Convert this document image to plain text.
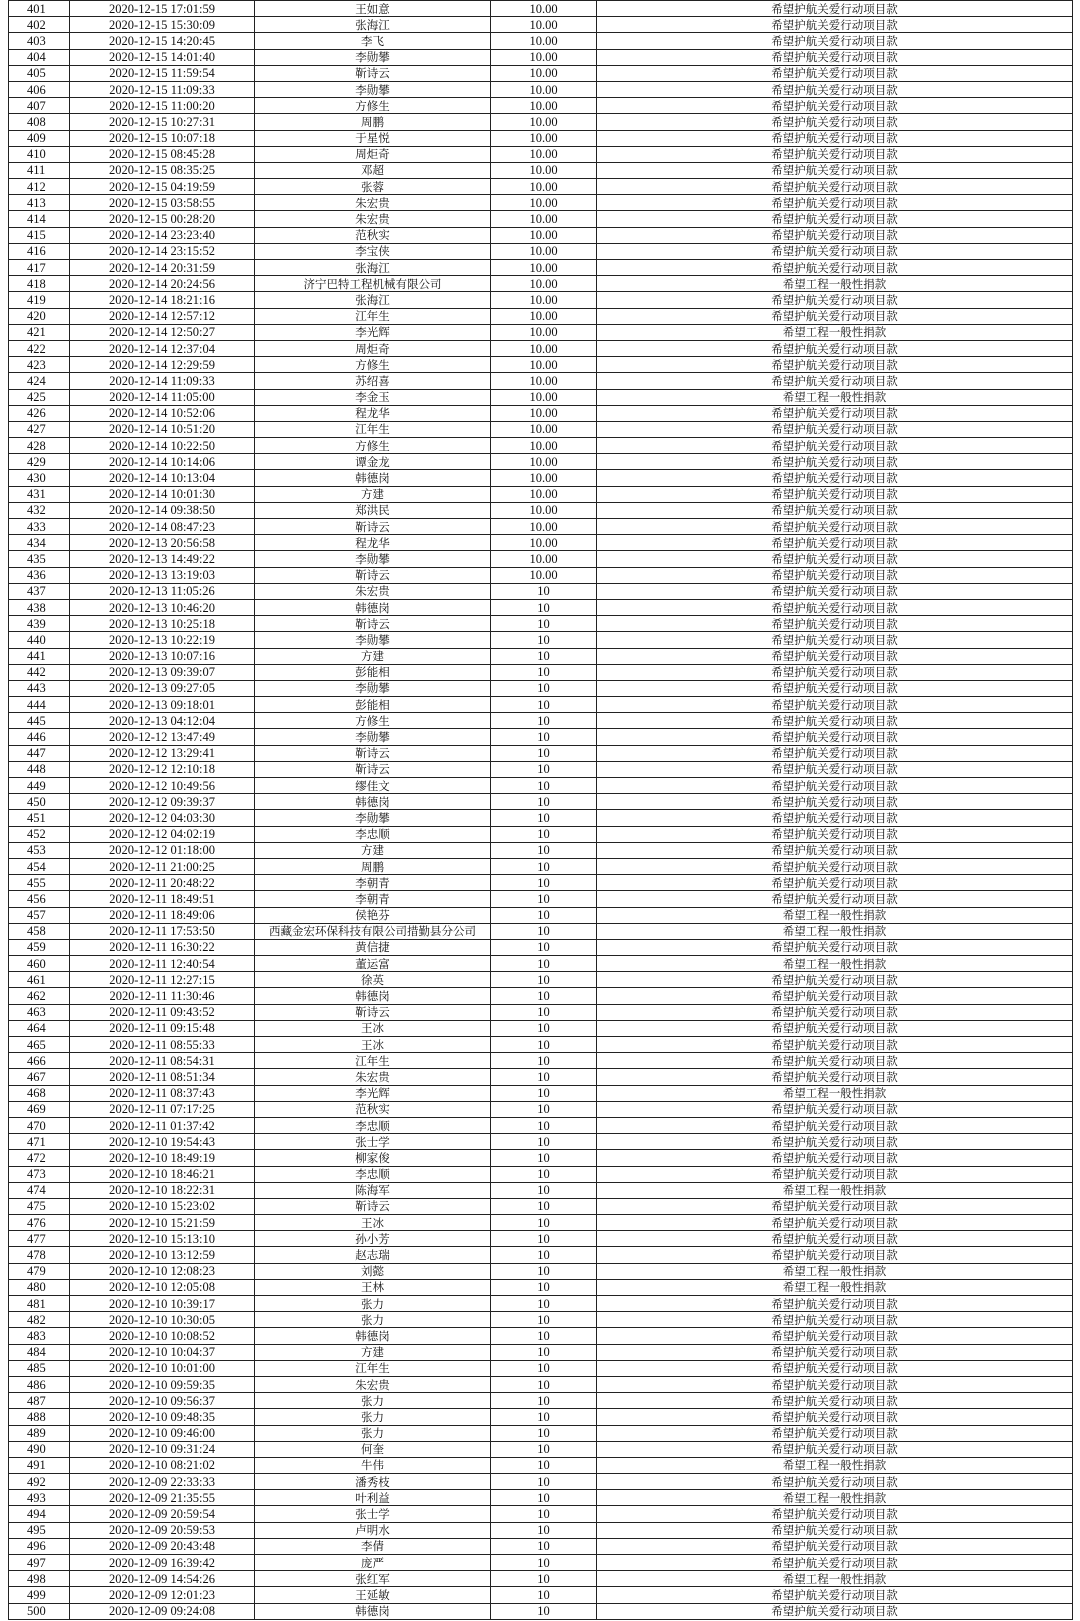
401	2020-12-15 17:01:59	王如意	10.00	希望护航关爱行动项目款
402	2020-12-15 15:30:09	张海江	10.00	希望护航关爱行动项目款
403	2020-12-15 14:20:45	李飞	10.00	希望护航关爱行动项目款
404	2020-12-15 14:01:40	李勋攀	10.00	希望护航关爱行动项目款
405	2020-12-15 11:59:54	靳诗云	10.00	希望护航关爱行动项目款
406	2020-12-15 11:09:33	李勋攀	10.00	希望护航关爱行动项目款
407	2020-12-15 11:00:20	方修生	10.00	希望护航关爱行动项目款
408	2020-12-15 10:27:31	周鹏	10.00	希望护航关爱行动项目款
409	2020-12-15 10:07:18	于星悦	10.00	希望护航关爱行动项目款
410	2020-12-15 08:45:28	周炬奇	10.00	希望护航关爱行动项目款
411	2020-12-15 08:35:25	邓超	10.00	希望护航关爱行动项目款
412	2020-12-15 04:19:59	张蓉	10.00	希望护航关爱行动项目款
413	2020-12-15 03:58:55	朱宏贵	10.00	希望护航关爱行动项目款
414	2020-12-15 00:28:20	朱宏贵	10.00	希望护航关爱行动项目款
415	2020-12-14 23:23:40	范秋实	10.00	希望护航关爱行动项目款
416	2020-12-14 23:15:52	李宝侠	10.00	希望护航关爱行动项目款
417	2020-12-14 20:31:59	张海江	10.00	希望护航关爱行动项目款
418	2020-12-14 20:24:56	济宁巴特工程机械有限公司	10.00	希望工程一般性捐款
419	2020-12-14 18:21:16	张海江	10.00	希望护航关爱行动项目款
420	2020-12-14 12:57:12	江年生	10.00	希望护航关爱行动项目款
421	2020-12-14 12:50:27	李光辉	10.00	希望工程一般性捐款
422	2020-12-14 12:37:04	周炬奇	10.00	希望护航关爱行动项目款
423	2020-12-14 12:29:59	方修生	10.00	希望护航关爱行动项目款
424	2020-12-14 11:09:33	苏绍喜	10.00	希望护航关爱行动项目款
425	2020-12-14 11:05:00	李金玉	10.00	希望工程一般性捐款
426	2020-12-14 10:52:06	程龙华	10.00	希望护航关爱行动项目款
427	2020-12-14 10:51:20	江年生	10.00	希望护航关爱行动项目款
428	2020-12-14 10:22:50	方修生	10.00	希望护航关爱行动项目款
429	2020-12-14 10:14:06	谭金龙	10.00	希望护航关爱行动项目款
430	2020-12-14 10:13:04	韩德岗	10.00	希望护航关爱行动项目款
431	2020-12-14 10:01:30	方建	10.00	希望护航关爱行动项目款
432	2020-12-14 09:38:50	郑洪民	10.00	希望护航关爱行动项目款
433	2020-12-14 08:47:23	靳诗云	10.00	希望护航关爱行动项目款
434	2020-12-13 20:56:58	程龙华	10.00	希望护航关爱行动项目款
435	2020-12-13 14:49:22	李勋攀	10.00	希望护航关爱行动项目款
436	2020-12-13 13:19:03	靳诗云	10.00	希望护航关爱行动项目款
437	2020-12-13 11:05:26	朱宏贵	10	希望护航关爱行动项目款
438	2020-12-13 10:46:20	韩德岗	10	希望护航关爱行动项目款
439	2020-12-13 10:25:18	靳诗云	10	希望护航关爱行动项目款
440	2020-12-13 10:22:19	李勋攀	10	希望护航关爱行动项目款
441	2020-12-13 10:07:16	方建	10	希望护航关爱行动项目款
442	2020-12-13 09:39:07	彭能相	10	希望护航关爱行动项目款
443	2020-12-13 09:27:05	李勋攀	10	希望护航关爱行动项目款
444	2020-12-13 09:18:01	彭能相	10	希望护航关爱行动项目款
445	2020-12-13 04:12:04	方修生	10	希望护航关爱行动项目款
446	2020-12-12 13:47:49	李勋攀	10	希望护航关爱行动项目款
447	2020-12-12 13:29:41	靳诗云	10	希望护航关爱行动项目款
448	2020-12-12 12:10:18	靳诗云	10	希望护航关爱行动项目款
449	2020-12-12 10:49:56	缪佳文	10	希望护航关爱行动项目款
450	2020-12-12 09:39:37	韩德岗	10	希望护航关爱行动项目款
451	2020-12-12 04:03:30	李勋攀	10	希望护航关爱行动项目款
452	2020-12-12 04:02:19	李忠顺	10	希望护航关爱行动项目款
453	2020-12-12 01:18:00	方建	10	希望护航关爱行动项目款
454	2020-12-11 21:00:25	周鹏	10	希望护航关爱行动项目款
455	2020-12-11 20:48:22	李朝青	10	希望护航关爱行动项目款
456	2020-12-11 18:49:51	李朝青	10	希望护航关爱行动项目款
457	2020-12-11 18:49:06	侯艳芬	10	希望工程一般性捐款
458	2020-12-11 17:53:50	西藏金宏环保科技有限公司措勤县分公司	10	希望工程一般性捐款
459	2020-12-11 16:30:22	黄信捷	10	希望护航关爱行动项目款
460	2020-12-11 12:40:54	董运富	10	希望工程一般性捐款
461	2020-12-11 12:27:15	徐英	10	希望护航关爱行动项目款
462	2020-12-11 11:30:46	韩德岗	10	希望护航关爱行动项目款
463	2020-12-11 09:43:52	靳诗云	10	希望护航关爱行动项目款
464	2020-12-11 09:15:48	王冰	10	希望护航关爱行动项目款
465	2020-12-11 08:55:33	王冰	10	希望护航关爱行动项目款
466	2020-12-11 08:54:31	江年生	10	希望护航关爱行动项目款
467	2020-12-11 08:51:34	朱宏贵	10	希望护航关爱行动项目款
468	2020-12-11 08:37:43	李光辉	10	希望工程一般性捐款
469	2020-12-11 07:17:25	范秋实	10	希望护航关爱行动项目款
470	2020-12-11 01:37:42	李忠顺	10	希望护航关爱行动项目款
471	2020-12-10 19:54:43	张士学	10	希望护航关爱行动项目款
472	2020-12-10 18:49:19	柳家俊	10	希望护航关爱行动项目款
473	2020-12-10 18:46:21	李忠顺	10	希望护航关爱行动项目款
474	2020-12-10 18:22:31	陈海军	10	希望工程一般性捐款
475	2020-12-10 15:23:02	靳诗云	10	希望护航关爱行动项目款
476	2020-12-10 15:21:59	王冰	10	希望护航关爱行动项目款
477	2020-12-10 15:13:10	孙小芳	10	希望护航关爱行动项目款
478	2020-12-10 13:12:59	赵志瑞	10	希望护航关爱行动项目款
479	2020-12-10 12:08:23	刘懿	10	希望工程一般性捐款
480	2020-12-10 12:05:08	王林	10	希望工程一般性捐款
481	2020-12-10 10:39:17	张力	10	希望护航关爱行动项目款
482	2020-12-10 10:30:05	张力	10	希望护航关爱行动项目款
483	2020-12-10 10:08:52	韩德岗	10	希望护航关爱行动项目款
484	2020-12-10 10:04:37	方建	10	希望护航关爱行动项目款
485	2020-12-10 10:01:00	江年生	10	希望护航关爱行动项目款
486	2020-12-10 09:59:35	朱宏贵	10	希望护航关爱行动项目款
487	2020-12-10 09:56:37	张力	10	希望护航关爱行动项目款
488	2020-12-10 09:48:35	张力	10	希望护航关爱行动项目款
489	2020-12-10 09:46:00	张力	10	希望护航关爱行动项目款
490	2020-12-10 09:31:24	何奎	10	希望护航关爱行动项目款
491	2020-12-10 08:21:02	牛伟	10	希望工程一般性捐款
492	2020-12-09 22:33:33	潘秀枝	10	希望护航关爱行动项目款
493	2020-12-09 21:35:55	叶利益	10	希望工程一般性捐款
494	2020-12-09 20:59:54	张士学	10	希望护航关爱行动项目款
495	2020-12-09 20:59:53	卢明水	10	希望护航关爱行动项目款
496	2020-12-09 20:43:48	李倩	10	希望护航关爱行动项目款
497	2020-12-09 16:39:42	庞严	10	希望护航关爱行动项目款
498	2020-12-09 14:54:26	张红军	10	希望工程一般性捐款
499	2020-12-09 12:01:23	王延敏	10	希望护航关爱行动项目款
500	2020-12-09 09:24:08	韩德岗	10	希望护航关爱行动项目款
